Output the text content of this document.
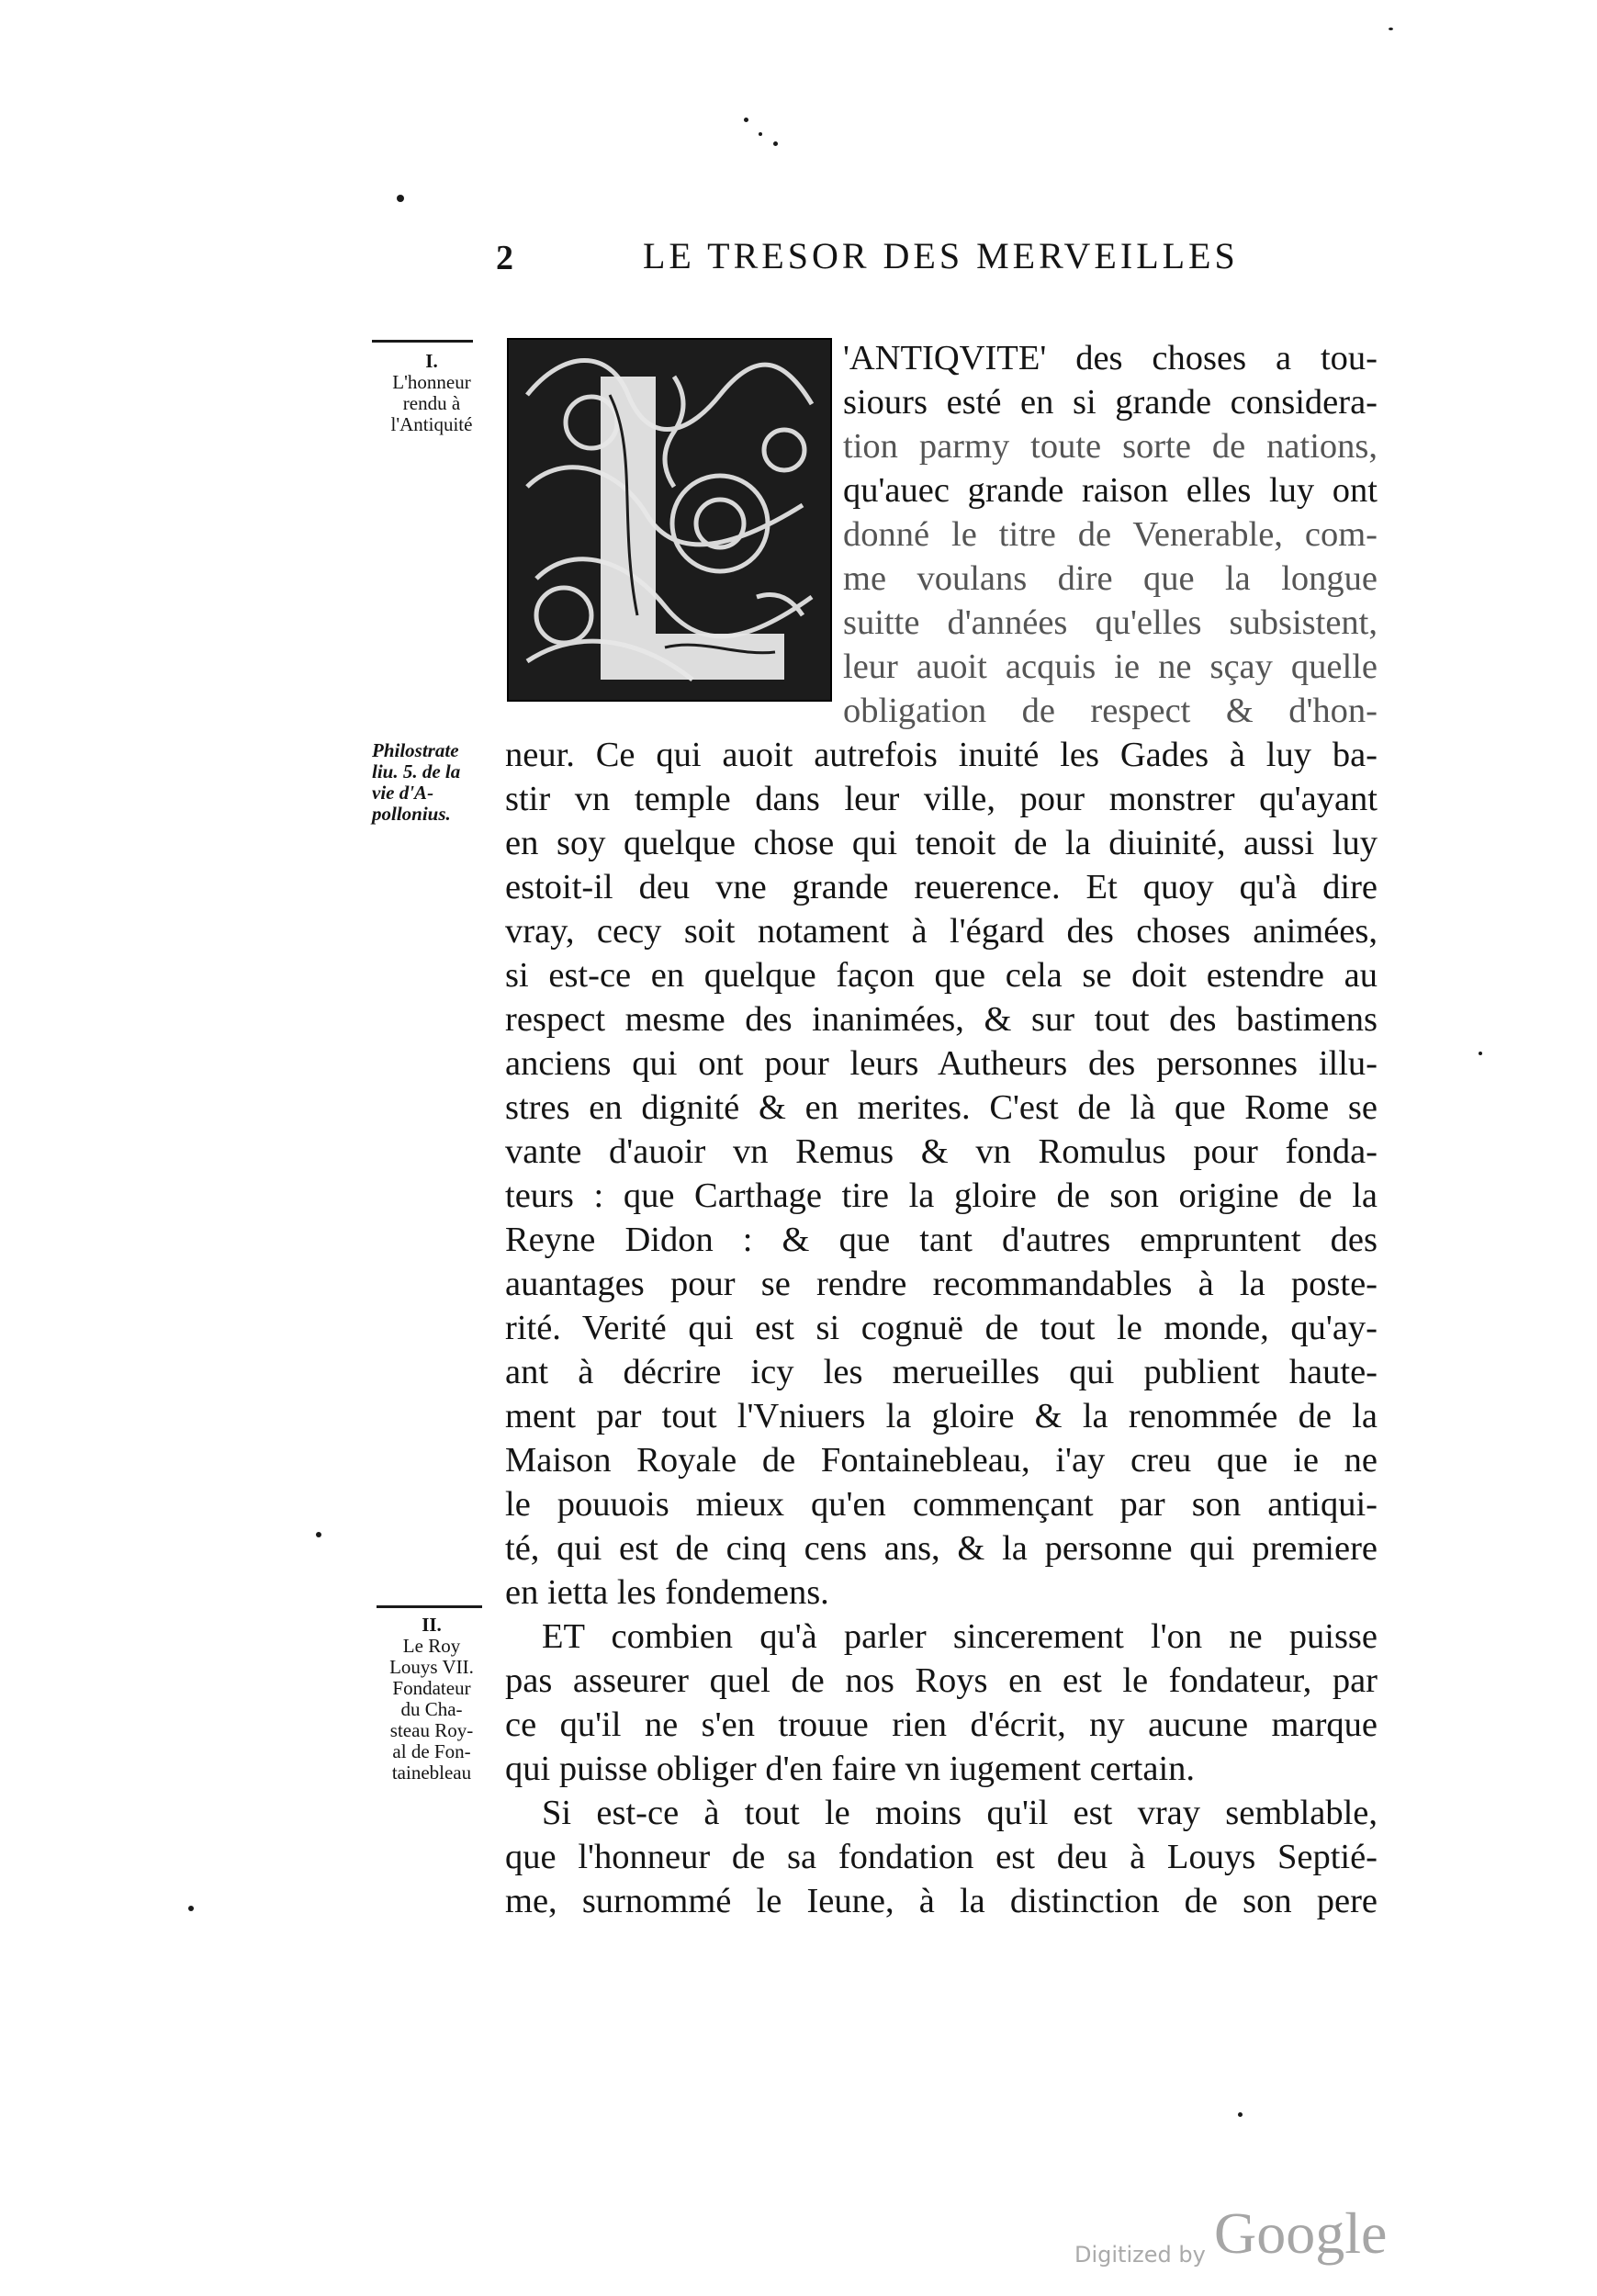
2	LE TRESOR DES MERVEILLES
'ANTIQVITE' des choses a tou-
siours esté en si grande considera-
tion parmy toute sorte de nations,
qu'auec grande raison elles luy ont
donné le titre de Venerable, com-
me voulans dire que la longue
suitte d'années qu'elles subsistent,
leur auoit acquis ie ne sçay quelle
obligation de respect & d'hon-
neur. Ce qui auoit autrefois inuité les Gades à luy ba-
stir vn temple dans leur ville, pour monstrer qu'ayant
en soy quelque chose qui tenoit de la diuinité, aussi luy
estoit-il deu vne grande reuerence. Et quoy qu'à dire
vray, cecy soit notament à l'égard des choses animées,
si est-ce en quelque façon que cela se doit estendre au
respect mesme des inanimées, & sur tout des bastimens
anciens qui ont pour leurs Autheurs des personnes illu-
stres en dignité & en merites. C'est de là que Rome se
vante d'auoir vn Remus & vn Romulus pour fonda-
teurs : que Carthage tire la gloire de son origine de la
Reyne Didon : & que tant d'autres empruntent des
auantages pour se rendre recommandables à la poste-
rité. Verité qui est si cognuë de tout le monde, qu'ay-
ant à décrire icy les merueilles qui publient haute-
ment par tout l'Vniuers la gloire & la renommée de la
Maison Royale de Fontainebleau, i'ay creu que ie ne
le pouuois mieux qu'en commençant par son antiqui-
té, qui est de cinq cens ans, & la personne qui premiere
en ietta les fondemens.
ET combien qu'à parler sincerement l'on ne puisse
pas asseurer quel de nos Roys en est le fondateur, par
ce qu'il ne s'en trouue rien d'écrit, ny aucune marque
qui puisse obliger d'en faire vn iugement certain.
Si est-ce à tout le moins qu'il est vray semblable,
que l'honneur de sa fondation est deu à Louys Septié-
me, surnommé le Ieune, à la distinction de son pere
I.
L'honneur
rendu à
l'Antiquité
Philostrate
liu. 5. de la
vie d'A-
pollonius.
II.
Le Roy
Louys VII.
Fondateur
du Cha-
steau Roy-
al de Fon-
tainebleau
Digitized by Google
